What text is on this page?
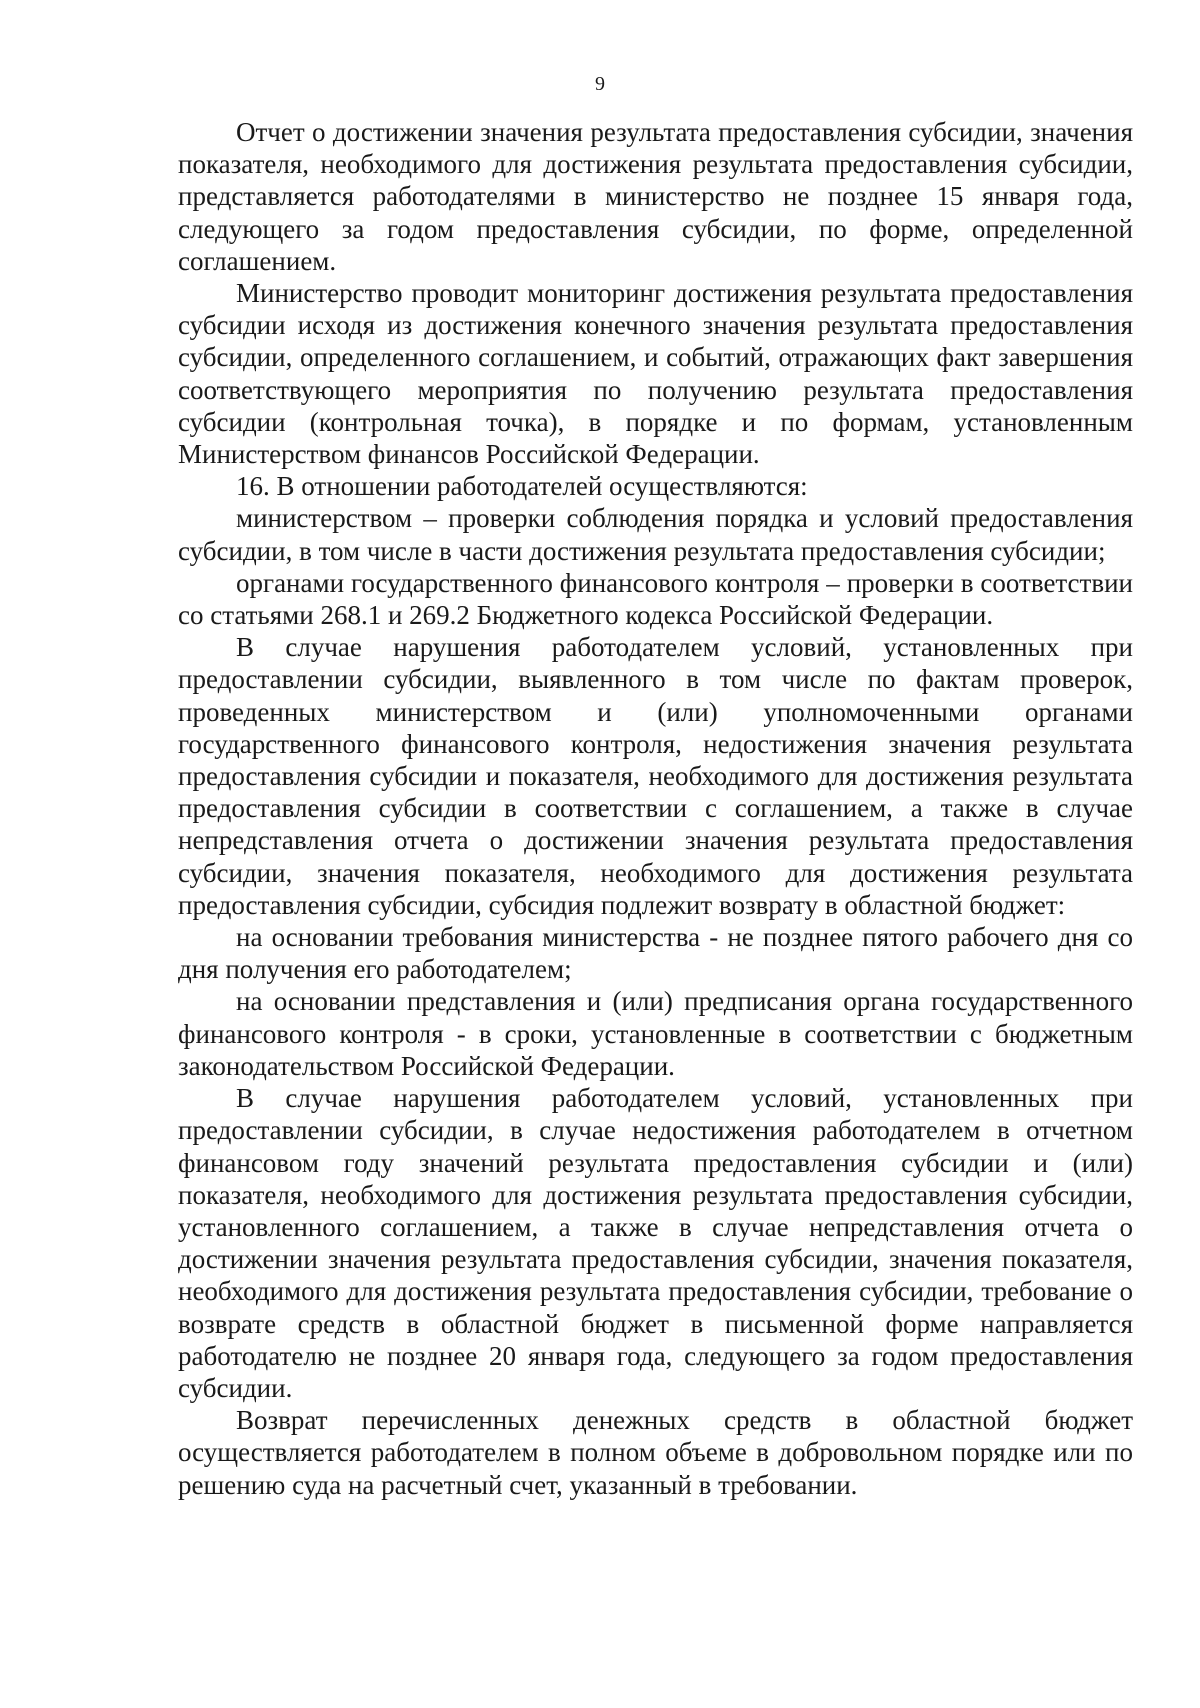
9

Отчет о достижении значения результата предоставления субсидии, значения показателя, необходимого для достижения результата предоставления субсидии, представляется работодателями в министерство не позднее 15 января года, следующего за годом предоставления субсидии, по форме, определенной соглашением.

Министерство проводит мониторинг достижения результата предоставления субсидии исходя из достижения конечного значения результата предоставления субсидии, определенного соглашением, и событий, отражающих факт завершения соответствующего мероприятия по получению результата предоставления субсидии (контрольная точка), в порядке и по формам, установленным Министерством финансов Российской Федерации.

16. В отношении работодателей осуществляются:

министерством – проверки соблюдения порядка и условий предоставления субсидии, в том числе в части достижения результата предоставления субсидии;

органами государственного финансового контроля – проверки в соответствии со статьями 268.1 и 269.2 Бюджетного кодекса Российской Федерации.

В случае нарушения работодателем условий, установленных при предоставлении субсидии, выявленного в том числе по фактам проверок, проведенных министерством и (или) уполномоченными органами государственного финансового контроля, недостижения значения результата предоставления субсидии и показателя, необходимого для достижения результата предоставления субсидии в соответствии с соглашением, а также в случае непредставления отчета о достижении значения результата предоставления субсидии, значения показателя, необходимого для достижения результата предоставления субсидии, субсидия подлежит возврату в областной бюджет:

на основании требования министерства - не позднее пятого рабочего дня со дня получения его работодателем;

на основании представления и (или) предписания органа государственного финансового контроля - в сроки, установленные в соответствии с бюджетным законодательством Российской Федерации.

В случае нарушения работодателем условий, установленных при предоставлении субсидии, в случае недостижения работодателем в отчетном финансовом году значений результата предоставления субсидии и (или) показателя, необходимого для достижения результата предоставления субсидии, установленного соглашением, а также в случае непредставления отчета о достижении значения результата предоставления субсидии, значения показателя, необходимого для достижения результата предоставления субсидии, требование о возврате средств в областной бюджет в письменной форме направляется работодателю не позднее 20 января года, следующего за годом предоставления субсидии.

Возврат перечисленных денежных средств в областной бюджет осуществляется работодателем в полном объеме в добровольном порядке или по решению суда на расчетный счет, указанный в требовании.
